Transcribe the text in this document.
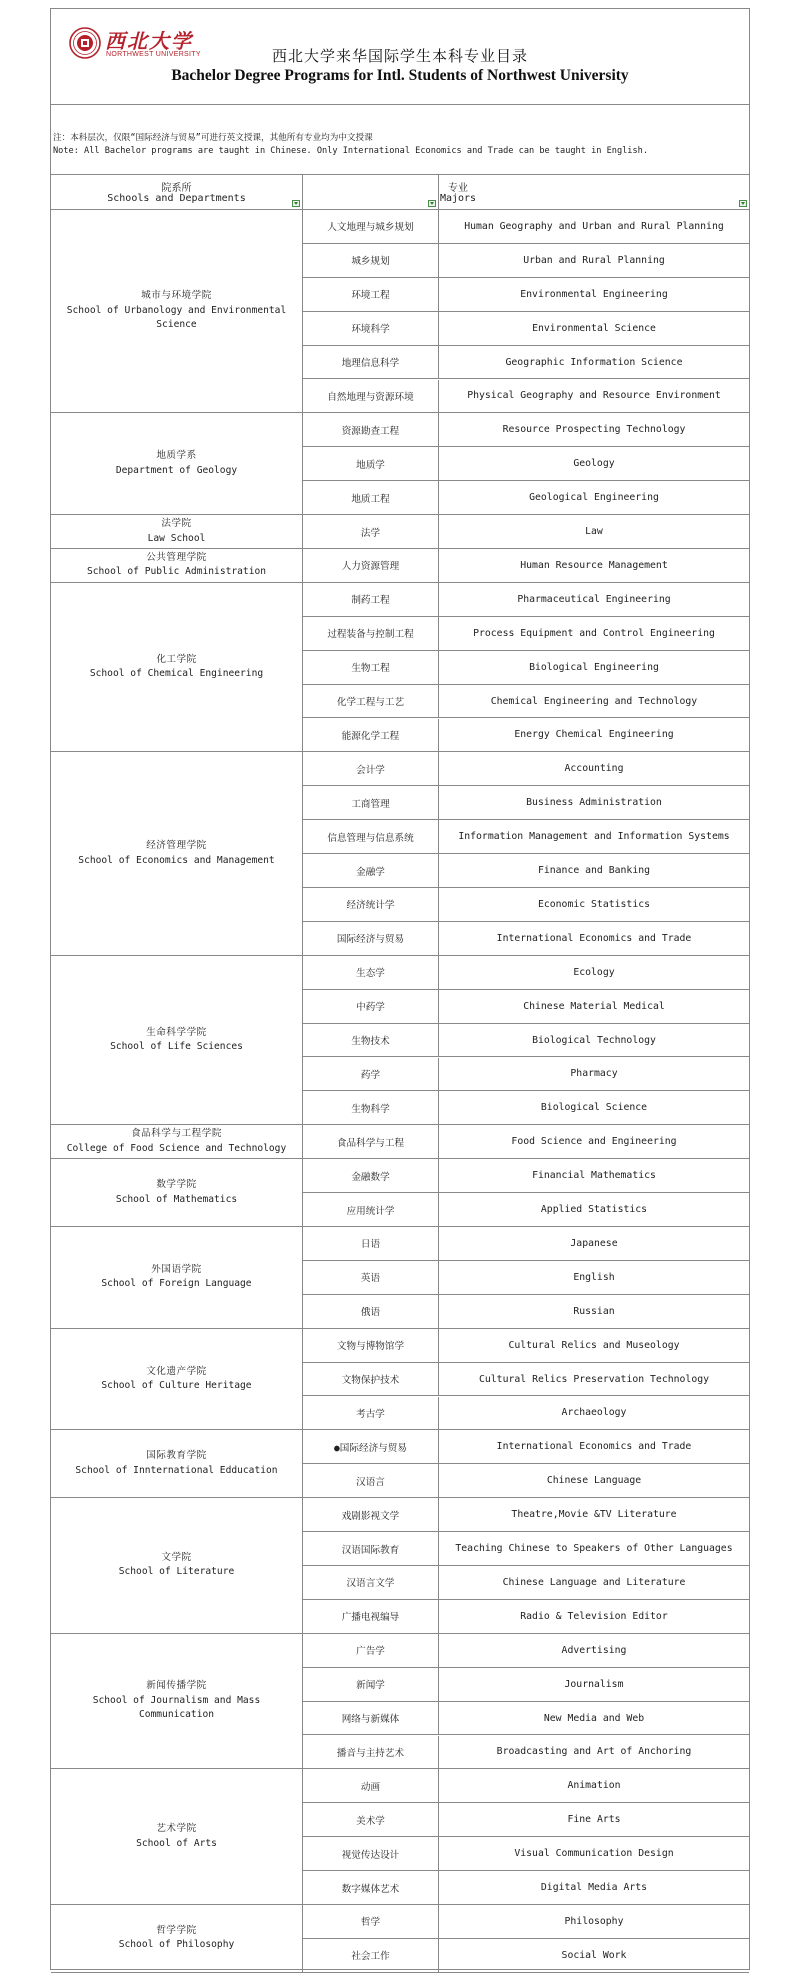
西北大学
NORTHWEST UNIVERSITY	西北大学来华国际学生本科专业目录
Bachelor Degree Programs for Intl. Students of Northwest University
注：本科层次，仅限“国际经济与贸易”可进行英文授课，其他所有专业均为中文授课
Note: All Bachelor programs are taught in Chinese. Only International Economics and Trade can be taught in English.
院系所
Schools and Departments
专业
Majors
城市与环境学院
School of Urbanology and Environmental Science
人文地理与城乡规划	Human Geography and Urban and Rural Planning
城乡规划	Urban and Rural Planning
环境工程	Environmental Engineering
环境科学	Environmental Science
地理信息科学	Geographic Information Science
自然地理与资源环境	Physical Geography and Resource Environment
地质学系
Department of Geology
资源勘查工程	Resource Prospecting Technology
地质学	Geology
地质工程	Geological Engineering
法学院
Law School	法学	Law
公共管理学院
School of Public Administration	人力资源管理	Human Resource Management
化工学院
School of Chemical Engineering
制药工程	Pharmaceutical Engineering
过程装备与控制工程	Process Equipment and Control Engineering
生物工程	Biological Engineering
化学工程与工艺	Chemical Engineering and Technology
能源化学工程	Energy Chemical Engineering
经济管理学院
School of Economics and Management
会计学	Accounting
工商管理	Business Administration
信息管理与信息系统	Information Management and Information Systems
金融学	Finance and Banking
经济统计学	Economic Statistics
国际经济与贸易	International Economics and Trade
生命科学学院
School of Life Sciences
生态学	Ecology
中药学	Chinese Material Medical
生物技术	Biological Technology
药学	Pharmacy
生物科学	Biological Science
食品科学与工程学院
College of Food Science and Technology	食品科学与工程	Food Science and Engineering
数学学院
School of Mathematics
金融数学	Financial Mathematics
应用统计学	Applied Statistics
外国语学院
School of Foreign Language
日语	Japanese
英语	English
俄语	Russian
文化遗产学院
School of Culture Heritage
文物与博物馆学	Cultural Relics and Museology
文物保护技术	Cultural Relics Preservation Technology
考古学	Archaeology
国际教育学院
School of Innternational Edducation
●国际经济与贸易	International Economics and Trade
汉语言	Chinese Language
文学院
School of Literature
戏剧影视文学	Theatre,Movie &TV Literature
汉语国际教育	Teaching Chinese to Speakers of Other Languages
汉语言文学	Chinese Language and Literature
广播电视编导	Radio & Television Editor
新闻传播学院
School of Journalism and Mass Communication
广告学	Advertising
新闻学	Journalism
网络与新媒体	New Media and Web
播音与主持艺术	Broadcasting and Art of Anchoring
艺术学院
School of Arts
动画	Animation
美术学	Fine Arts
视觉传达设计	Visual Communication Design
数字媒体艺术	Digital Media Arts
哲学学院
School of Philosophy
哲学	Philosophy
社会工作	Social Work
